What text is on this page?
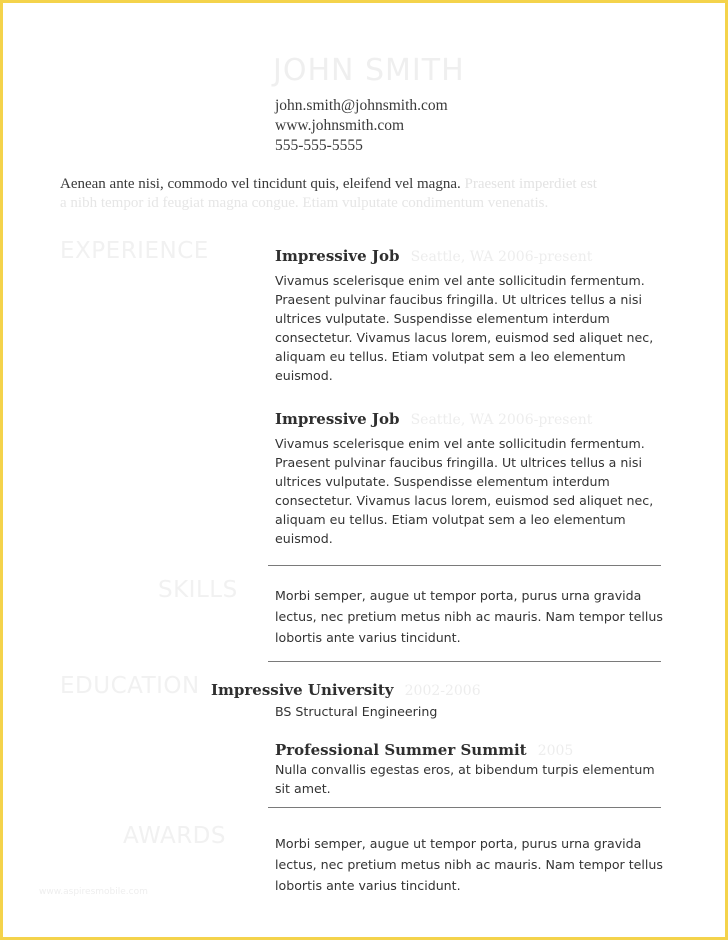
JOHN SMITH
john.smith@johnsmith.com
www.johnsmith.com
555-555-5555
Aenean ante nisi, commodo vel tincidunt quis, eleifend vel magna. Praesent imperdiet est
a nibh tempor id feugiat magna congue. Etiam vulputate condimentum venenatis.
EXPERIENCE	Impressive Job Seattle, WA 2006-present
Vivamus scelerisque enim vel ante sollicitudin fermentum. Praesent pulvinar faucibus fringilla. Ut ultrices tellus a nisi ultrices vulputate. Suspendisse elementum interdum consectetur. Vivamus lacus lorem, euismod sed aliquet nec, aliquam eu tellus. Etiam volutpat sem a leo elementum euismod.
Impressive Job Seattle, WA 2006-present
Vivamus scelerisque enim vel ante sollicitudin fermentum. Praesent pulvinar faucibus fringilla. Ut ultrices tellus a nisi ultrices vulputate. Suspendisse elementum interdum consectetur. Vivamus lacus lorem, euismod sed aliquet nec, aliquam eu tellus. Etiam volutpat sem a leo elementum euismod.
SKILLS	Morbi semper, augue ut tempor porta, purus urna gravida lectus, nec pretium metus nibh ac mauris. Nam tempor tellus lobortis ante varius tincidunt.
EDUCATION Impressive University 2002-2006
BS Structural Engineering
Professional Summer Summit 2005
Nulla convallis egestas eros, at bibendum turpis elementum sit amet.
AWARDS	Morbi semper, augue ut tempor porta, purus urna gravida lectus, nec pretium metus nibh ac mauris. Nam tempor tellus lobortis ante varius tincidunt.
www.aspiresmobile.com
